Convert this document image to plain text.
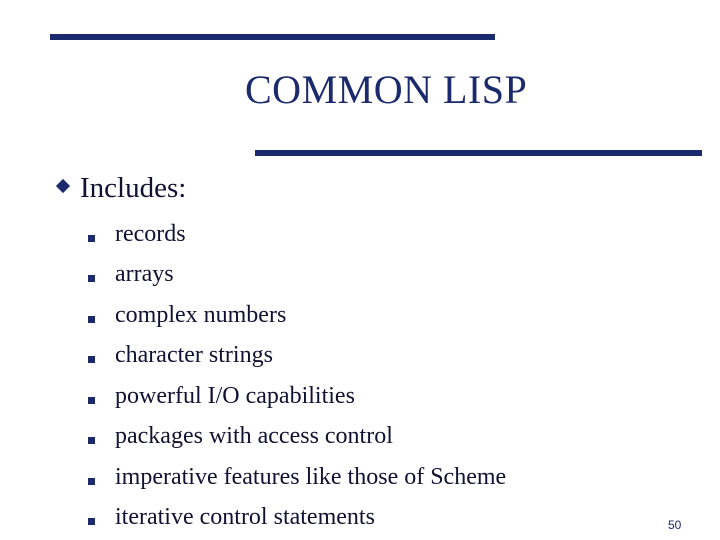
COMMON LISP
Includes:
records
arrays
complex numbers
character strings
powerful I/O capabilities
packages with access control
imperative features like those of Scheme
iterative control statements	50
